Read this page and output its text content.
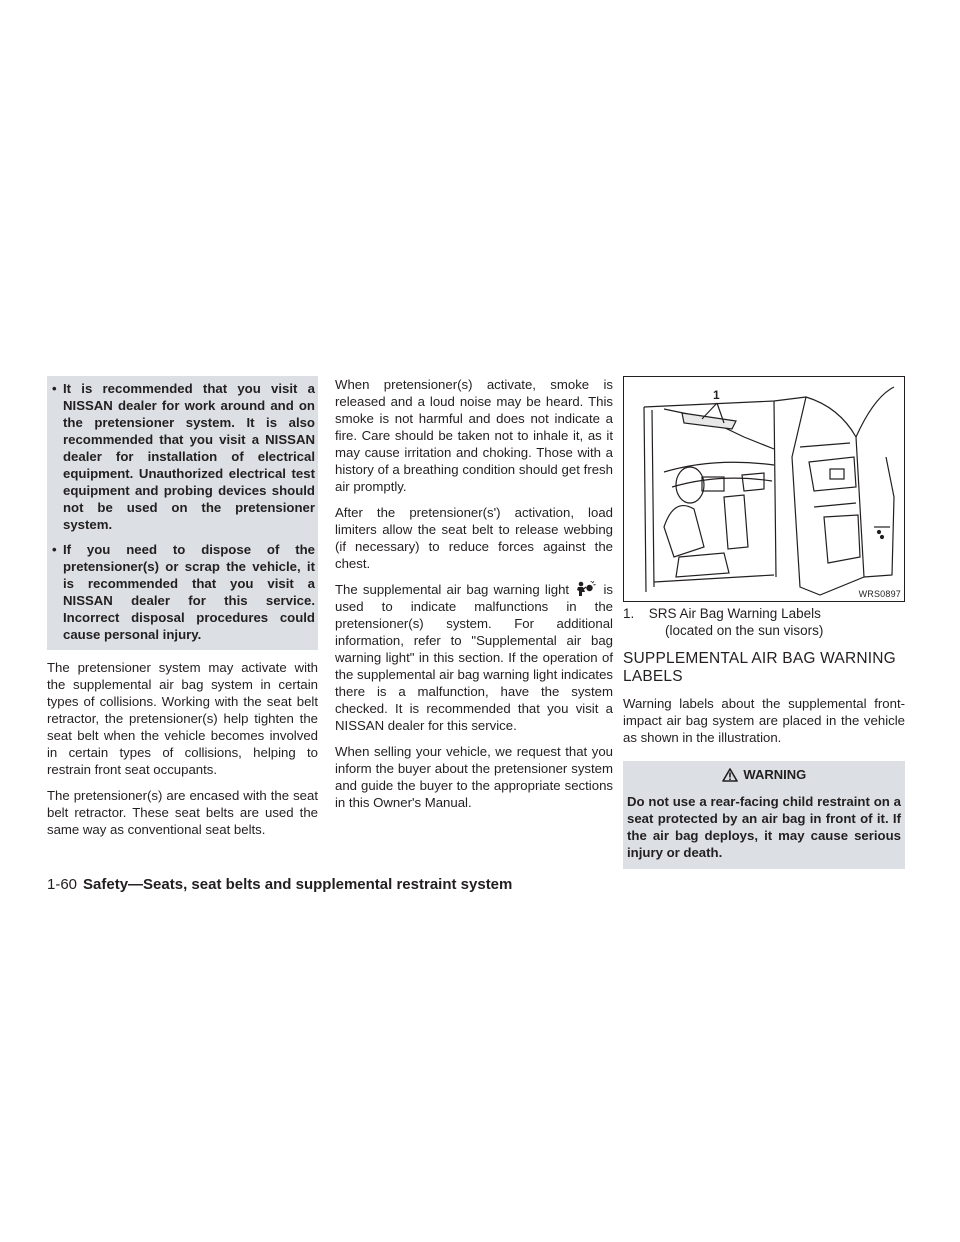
• It is recommended that you visit a NISSAN dealer for work around and on the pretensioner system. It is also recommended that you visit a NISSAN dealer for installation of electrical equipment. Unauthorized electrical test equipment and probing devices should not be used on the pretensioner system.
• If you need to dispose of the pretensioner(s) or scrap the vehicle, it is recommended that you visit a NISSAN dealer for this service. Incorrect disposal procedures could cause personal injury.

The pretensioner system may activate with the supplemental air bag system in certain types of collisions. Working with the seat belt retractor, the pretensioner(s) help tighten the seat belt when the vehicle becomes involved in certain types of collisions, helping to restrain front seat occupants.

The pretensioner(s) are encased with the seat belt retractor. These seat belts are used the same way as conventional seat belts.

When pretensioner(s) activate, smoke is released and a loud noise may be heard. This smoke is not harmful and does not indicate a fire. Care should be taken not to inhale it, as it may cause irritation and choking. Those with a history of a breathing condition should get fresh air promptly.

After the pretensioner(s') activation, load limiters allow the seat belt to release webbing (if necessary) to reduce forces against the chest.

The supplemental air bag warning light	is used to indicate malfunctions in the pretensioner(s) system. For additional information, refer to "Supplemental air bag warning light" in this section. If the operation of the supplemental air bag warning light indicates there is a malfunction, have the system checked. It is recommended that you visit a NISSAN dealer for this service.

When selling your vehicle, we request that you inform the buyer about the pretensioner system and guide the buyer to the appropriate sections in this Owner's Manual.

1
WRS0897
1. SRS Air Bag Warning Labels
(located on the sun visors)
SUPPLEMENTAL AIR BAG WARNING LABELS

Warning labels about the supplemental front-impact air bag system are placed in the vehicle as shown in the illustration.

WARNING
Do not use a rear-facing child restraint on a seat protected by an air bag in front of it. If the air bag deploys, it may cause serious injury or death.
1-60 Safety—Seats, seat belts and supplemental restraint system
